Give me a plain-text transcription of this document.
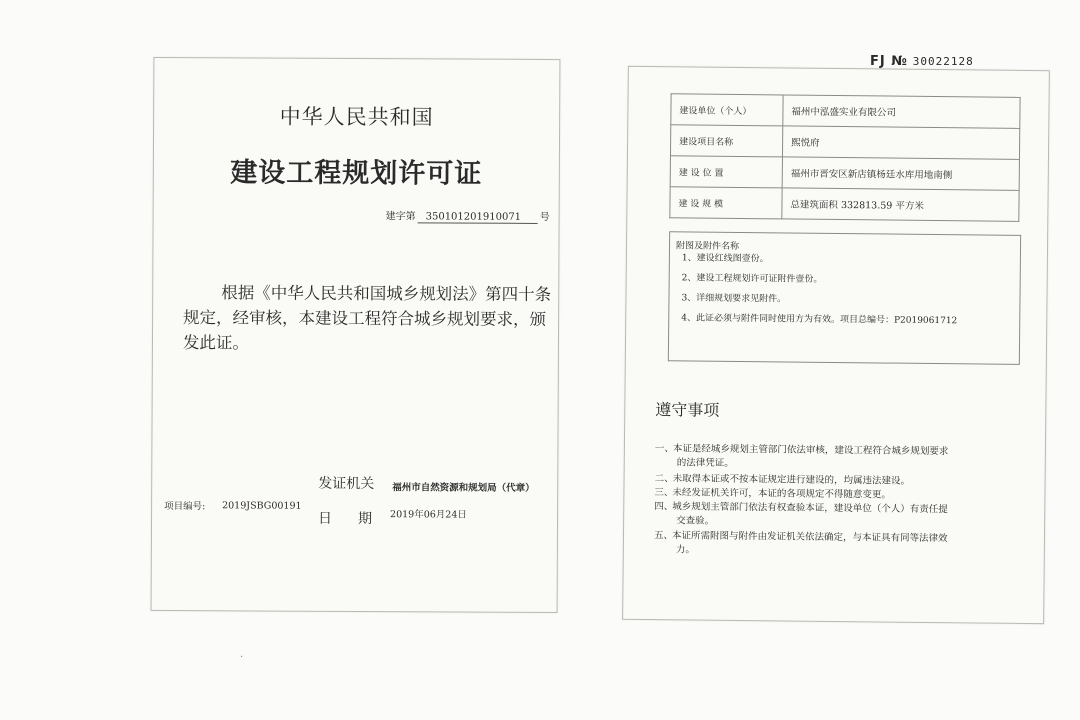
中华人民共和国
建设工程规划许可证
建字第 350101201910071 号
根据《中华人民共和国城乡规划法》第四十条规定，经审核，本建设工程符合城乡规划要求，颁发此证。
发证机关 福州市自然资源和规划局（代章）
项目编号: 2019JSBG00191
日期
2019年06月24日
FJ № 30022128
建设单位（个人）	福州中泓盛实业有限公司
建设项目名称	熙悦府
建 设 位 置	福州市晋安区新店镇杨廷水库用地南侧
建 设 规 模	总建筑面积 332813.59 平方米
附图及附件名称
1、建设红线图壹份。
2、建设工程规划许可证附件壹份。
3、详细规划要求见附件。
4、此证必须与附件同时使用方为有效。项目总编号：P2019061712
遵守事项
一、本证是经城乡规划主管部门依法审核，建设工程符合城乡规划要求
的法律凭证。
二、未取得本证或不按本证规定进行建设的，均属违法建设。
三、未经发证机关许可，本证的各项规定不得随意变更。
四、城乡规划主管部门依法有权查验本证，建设单位（个人）有责任提
交查验。
五、本证所需附图与附件由发证机关依法确定，与本证具有同等法律效
力。
·
